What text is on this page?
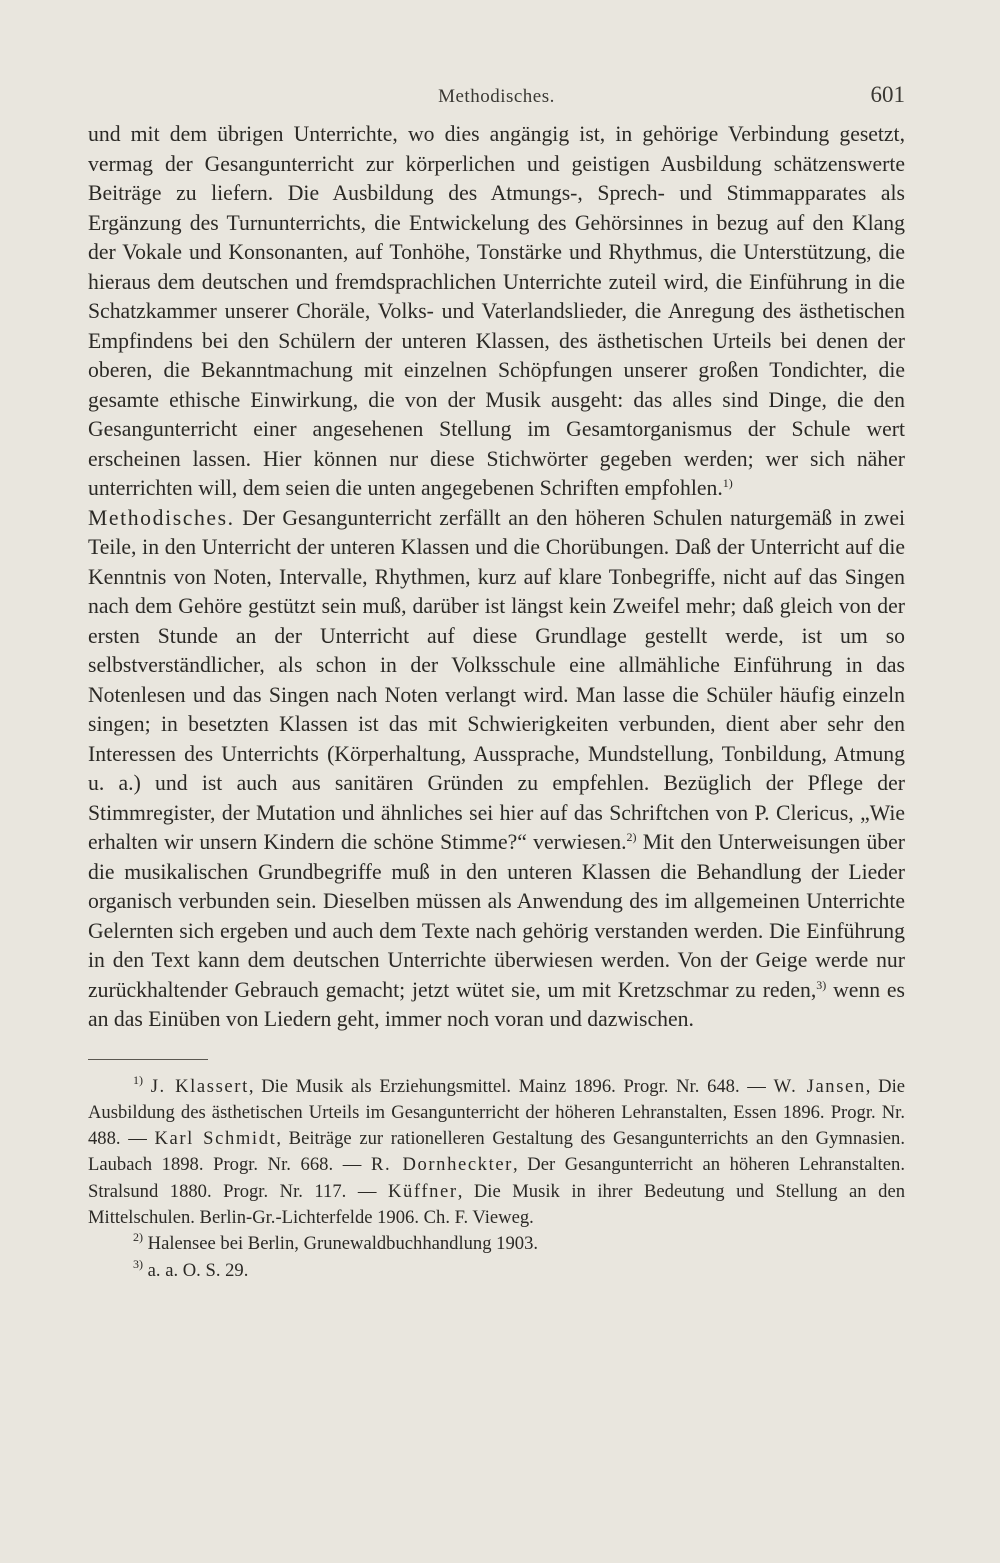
Methodisches.	601

und mit dem übrigen Unterrichte, wo dies angängig ist, in gehörige Verbindung gesetzt, vermag der Gesangunterricht zur körperlichen und geistigen Ausbildung schätzenswerte Beiträge zu liefern. Die Ausbildung des Atmungs-, Sprech- und Stimmapparates als Ergänzung des Turnunterrichts, die Entwickelung des Gehörsinnes in bezug auf den Klang der Vokale und Konsonanten, auf Tonhöhe, Tonstärke und Rhythmus, die Unterstützung, die hieraus dem deutschen und fremdsprachlichen Unterrichte zuteil wird, die Einführung in die Schatzkammer unserer Choräle, Volks- und Vaterlandslieder, die Anregung des ästhetischen Empfindens bei den Schülern der unteren Klassen, des ästhetischen Urteils bei denen der oberen, die Bekanntmachung mit einzelnen Schöpfungen unserer großen Tondichter, die gesamte ethische Einwirkung, die von der Musik ausgeht: das alles sind Dinge, die den Gesangunterricht einer angesehenen Stellung im Gesamtorganismus der Schule wert erscheinen lassen. Hier können nur diese Stichwörter gegeben werden; wer sich näher unterrichten will, dem seien die unten angegebenen Schriften empfohlen.$^{1)}$

Methodisches. Der Gesangunterricht zerfällt an den höheren Schulen naturgemäß in zwei Teile, in den Unterricht der unteren Klassen und die Chorübungen. Daß der Unterricht auf die Kenntnis von Noten, Intervalle, Rhythmen, kurz auf klare Tonbegriffe, nicht auf das Singen nach dem Gehöre gestützt sein muß, darüber ist längst kein Zweifel mehr; daß gleich von der ersten Stunde an der Unterricht auf diese Grundlage gestellt werde, ist um so selbstverständlicher, als schon in der Volksschule eine allmähliche Einführung in das Notenlesen und das Singen nach Noten verlangt wird. Man lasse die Schüler häufig einzeln singen; in besetzten Klassen ist das mit Schwierigkeiten verbunden, dient aber sehr den Interessen des Unterrichts (Körperhaltung, Aussprache, Mundstellung, Tonbildung, Atmung u. a.) und ist auch aus sanitären Gründen zu empfehlen. Bezüglich der Pflege der Stimmregister, der Mutation und ähnliches sei hier auf das Schriftchen von P. Clericus, „Wie erhalten wir unsern Kindern die schöne Stimme?“ verwiesen.$^{2)}$ Mit den Unterweisungen über die musikalischen Grundbegriffe muß in den unteren Klassen die Behandlung der Lieder organisch verbunden sein. Dieselben müssen als Anwendung des im allgemeinen Unterrichte Gelernten sich ergeben und auch dem Texte nach gehörig verstanden werden. Die Einführung in den Text kann dem deutschen Unterrichte überwiesen werden. Von der Geige werde nur zurückhaltender Gebrauch gemacht; jetzt wütet sie, um mit Kretzschmar zu reden,$^{3)}$ wenn es an das Einüben von Liedern geht, immer noch voran und dazwischen.

$^{1)}$ J. Klassert, Die Musik als Erziehungsmittel. Mainz 1896. Progr. Nr. 648. — W. Jansen, Die Ausbildung des ästhetischen Urteils im Gesangunterricht der höheren Lehranstalten, Essen 1896. Progr. Nr. 488. — Karl Schmidt, Beiträge zur rationelleren Gestaltung des Gesangunterrichts an den Gymnasien. Laubach 1898. Progr. Nr. 668. — R. Dornheckter, Der Gesangunterricht an höheren Lehranstalten. Stralsund 1880. Progr. Nr. 117. — Küffner, Die Musik in ihrer Bedeutung und Stellung an den Mittelschulen. Berlin-Gr.-Lichterfelde 1906. Ch. F. Vieweg.

$^{2)}$ Halensee bei Berlin, Grunewaldbuchhandlung 1903.

$^{3)}$ a. a. O. S. 29.
